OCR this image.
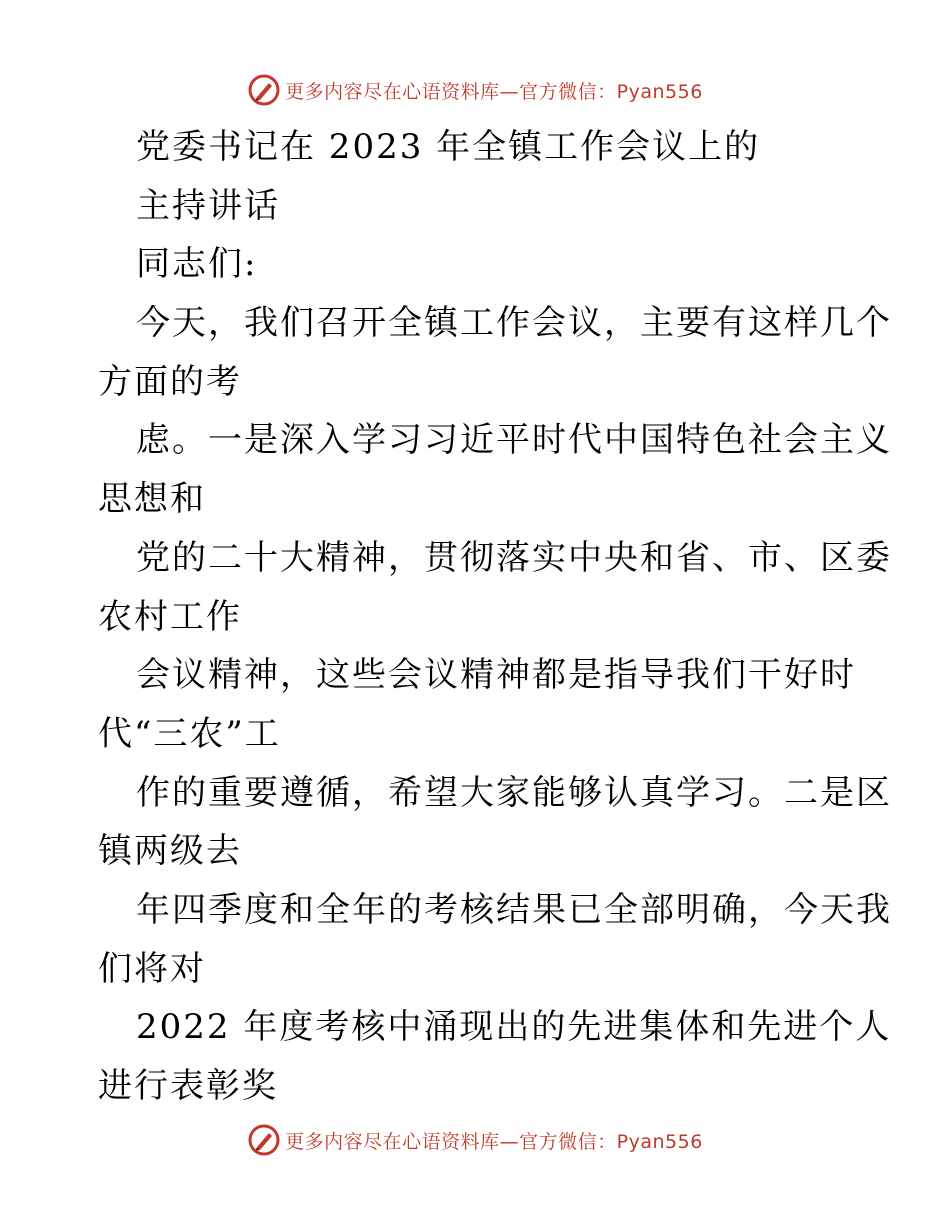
更多内容尽在心语资料库—官方微信：Pyan556
党委书记在 2023 年全镇工作会议上的
主持讲话
同志们:
今天，我们召开全镇工作会议，主要有这样几个
方面的考
虑。一是深入学习习近平时代中国特色社会主义
思想和
党的二十大精神，贯彻落实中央和省、市、区委
农村工作
会议精神，这些会议精神都是指导我们干好时
代“三农”工
作的重要遵循，希望大家能够认真学习。二是区
镇两级去
年四季度和全年的考核结果已全部明确，今天我
们将对
2022 年度考核中涌现出的先进集体和先进个人
进行表彰奖
更多内容尽在心语资料库—官方微信：Pyan556
